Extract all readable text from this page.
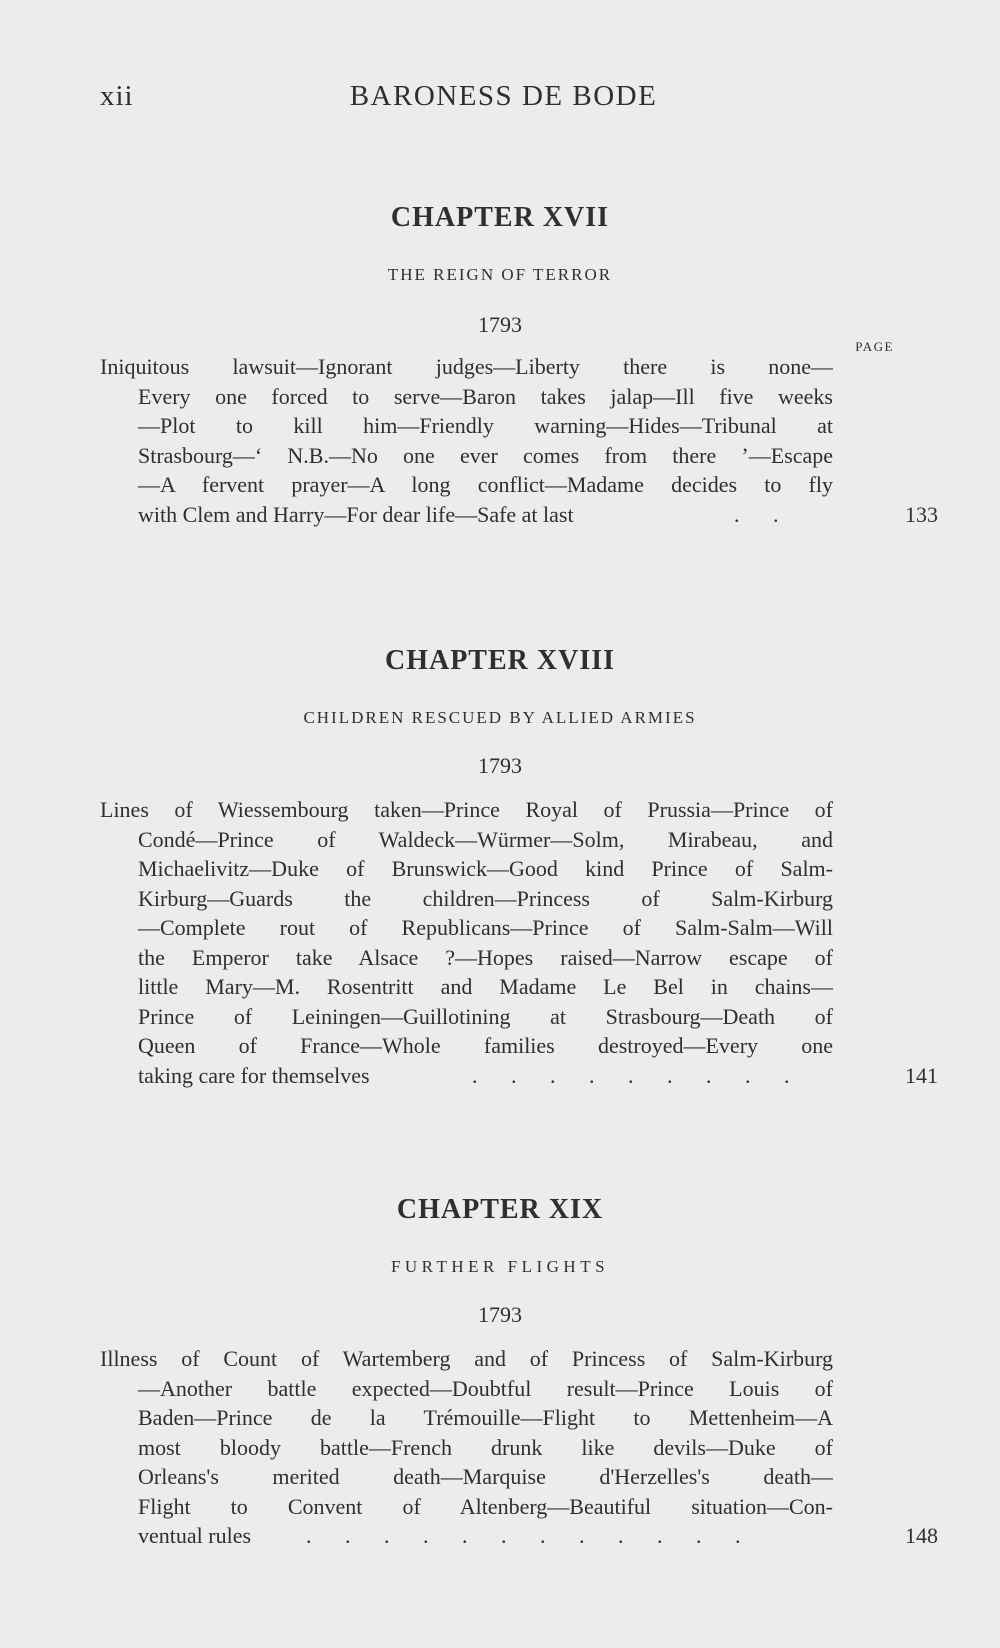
xii	BARONESS DE BODE
CHAPTER XVII
THE REIGN OF TERROR
1793
PAGE
Iniquitous lawsuit—Ignorant judges—Liberty there is none—
Every one forced to serve—Baron takes jalap—Ill five weeks
—Plot to kill him—Friendly warning—Hides—Tribunal at
Strasbourg—‘ N.B.—No one ever comes from there ’—Escape
—A fervent prayer—A long conflict—Madame decides to fly
with Clem and Harry—For dear life—Safe at last	. .	133
CHAPTER XVIII
CHILDREN RESCUED BY ALLIED ARMIES
1793
Lines of Wiessembourg taken—Prince Royal of Prussia—Prince of
Condé—Prince of Waldeck—Würmer—Solm, Mirabeau, and
Michaelivitz—Duke of Brunswick—Good kind Prince of Salm-
Kirburg—Guards the children—Princess of Salm-Kirburg
—Complete rout of Republicans—Prince of Salm-Salm—Will
the Emperor take Alsace ?—Hopes raised—Narrow escape of
little Mary—M. Rosentritt and Madame Le Bel in chains—
Prince of Leiningen—Guillotining at Strasbourg—Death of
Queen of France—Whole families destroyed—Every one
taking care for themselves	. . . . . . . . .	141
CHAPTER XIX
FURTHER FLIGHTS
1793
Illness of Count of Wartemberg and of Princess of Salm-Kirburg
—Another battle expected—Doubtful result—Prince Louis of
Baden—Prince de la Trémouille—Flight to Mettenheim—A
most bloody battle—French drunk like devils—Duke of
Orleans's merited death—Marquise d'Herzelles's death—
Flight to Convent of Altenberg—Beautiful situation—Con-
ventual rules . . . . . . . . . . . .	148
